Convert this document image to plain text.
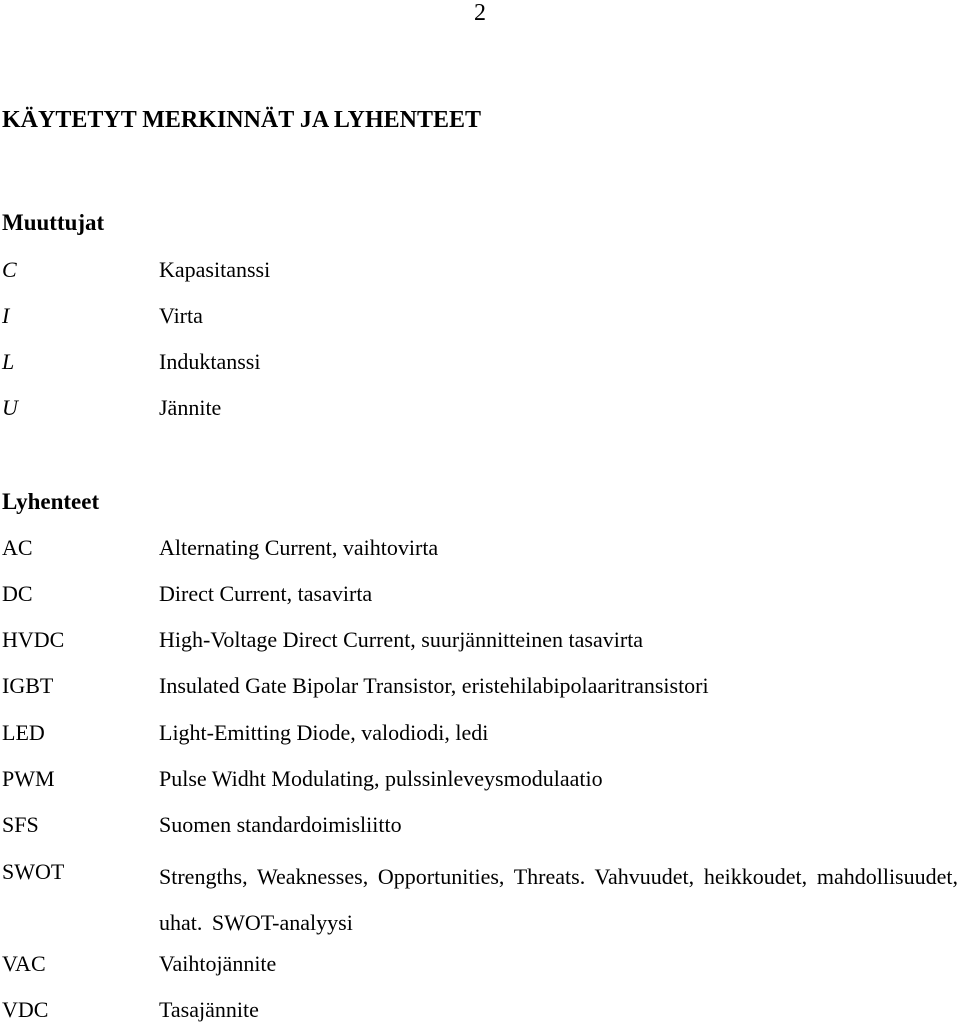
2
KÄYTETYT MERKINNÄT JA LYHENTEET
Muuttujat
C	Kapasitanssi
I	Virta
L	Induktanssi
U	Jännite
Lyhenteet
AC	Alternating Current, vaihtovirta
DC	Direct Current, tasavirta
HVDC	High-Voltage Direct Current, suurjännitteinen tasavirta
IGBT	Insulated Gate Bipolar Transistor, eristehilabipolaaritransistori
LED	Light-Emitting Diode, valodiodi, ledi
PWM	Pulse Widht Modulating, pulssinleveysmodulaatio
SFS	Suomen standardoimisliitto
SWOT	Strengths, Weaknesses, Opportunities, Threats. Vahvuudet, heikkoudet, mahdollisuudet, uhat. SWOT-analyysi
VAC	Vaihtojännite
VDC	Tasajännite
